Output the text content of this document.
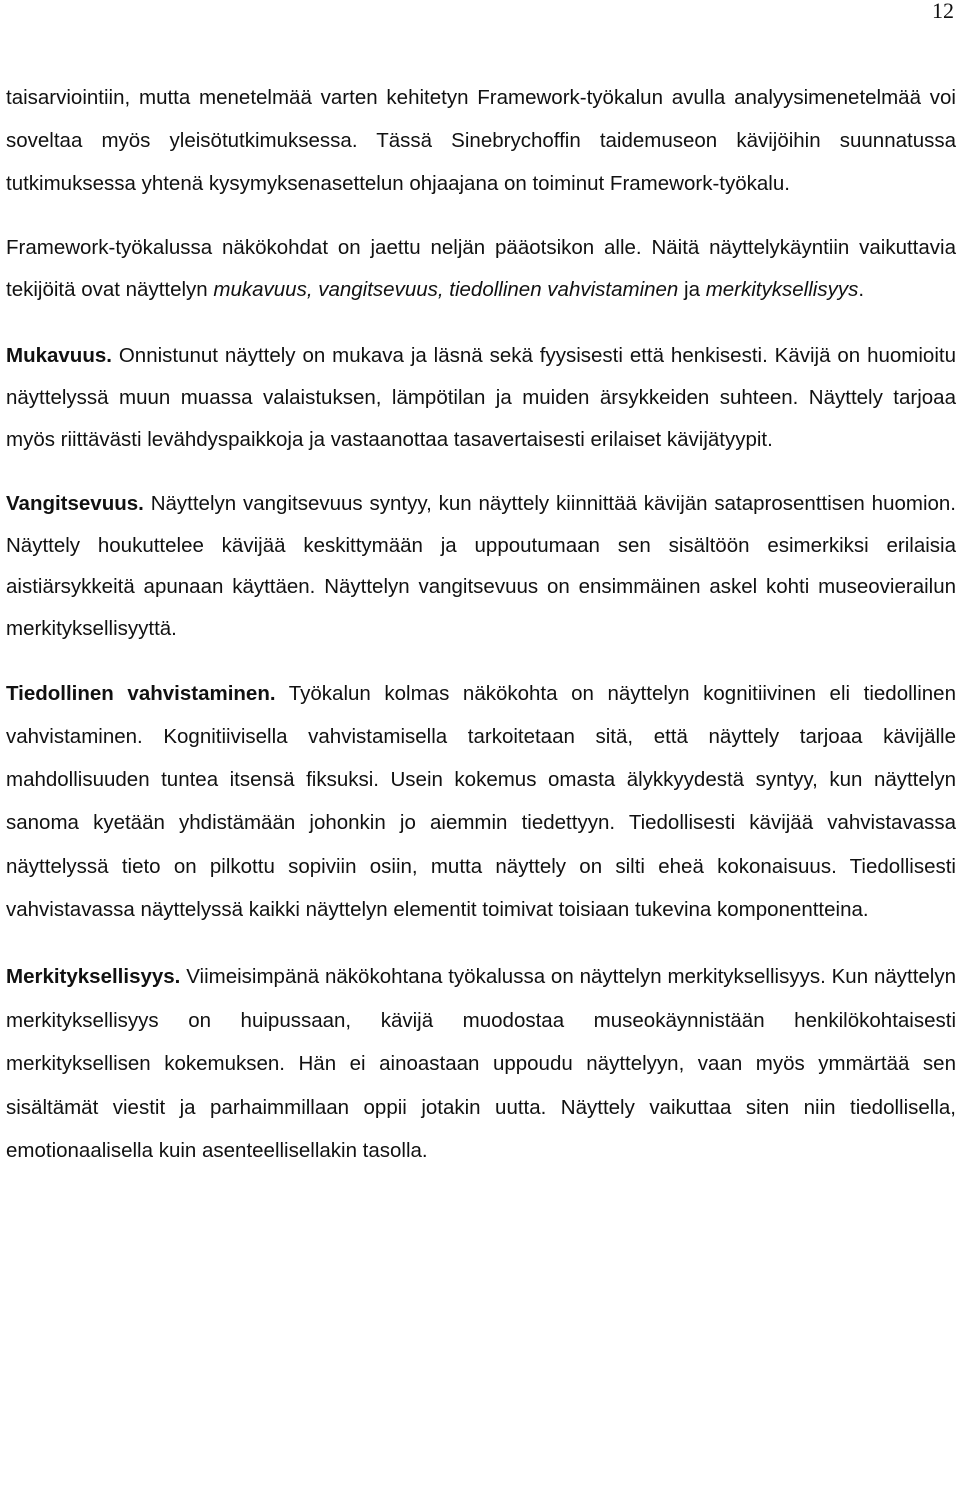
12

taisarviointiin, mutta menetelmää varten kehitetyn Framework-työkalun avulla analyysimenetelmää voi soveltaa myös yleisötutkimuksessa. Tässä Sinebrychoffin taidemuseon kävijöihin suunnatussa tutkimuksessa yhtenä kysymyksenasettelun ohjaajana on toiminut Framework-työkalu.

Framework-työkalussa näkökohdat on jaettu neljän pääotsikon alle. Näitä näyttelykäyntiin vaikuttavia tekijöitä ovat näyttelyn mukavuus, vangitsevuus, tiedollinen vahvistaminen ja merkityksellisyys.

Mukavuus. Onnistunut näyttely on mukava ja läsnä sekä fyysisesti että henkisesti. Kävijä on huomioitu näyttelyssä muun muassa valaistuksen, lämpötilan ja muiden ärsykkeiden suhteen. Näyttely tarjoaa myös riittävästi levähdyspaikkoja ja vastaanottaa tasavertaisesti erilaiset kävijätyypit.

Vangitsevuus. Näyttelyn vangitsevuus syntyy, kun näyttely kiinnittää kävijän sataprosenttisen huomion. Näyttely houkuttelee kävijää keskittymään ja uppoutumaan sen sisältöön esimerkiksi erilaisia aistiärsykkeitä apunaan käyttäen. Näyttelyn vangitsevuus on ensimmäinen askel kohti museovierailun merkityksellisyyttä.

Tiedollinen vahvistaminen. Työkalun kolmas näkökohta on näyttelyn kognitiivinen eli tiedollinen vahvistaminen. Kognitiivisella vahvistamisella tarkoitetaan sitä, että näyttely tarjoaa kävijälle mahdollisuuden tuntea itsensä fiksuksi. Usein kokemus omasta älykkyydestä syntyy, kun näyttelyn sanoma kyetään yhdistämään johonkin jo aiemmin tiedettyyn. Tiedollisesti kävijää vahvistavassa näyttelyssä tieto on pilkottu sopiviin osiin, mutta näyttely on silti eheä kokonaisuus. Tiedollisesti vahvistavassa näyttelyssä kaikki näyttelyn elementit toimivat toisiaan tukevina komponentteina.

Merkityksellisyys. Viimeisimpänä näkökohtana työkalussa on näyttelyn merkityksellisyys. Kun näyttelyn merkityksellisyys on huipussaan, kävijä muodostaa museokäynnistään henkilökohtaisesti merkityksellisen kokemuksen. Hän ei ainoastaan uppoudu näyttelyyn, vaan myös ymmärtää sen sisältämät viestit ja parhaimmillaan oppii jotakin uutta. Näyttely vaikuttaa siten niin tiedollisella, emotionaalisella kuin asenteellisellakin tasolla.
